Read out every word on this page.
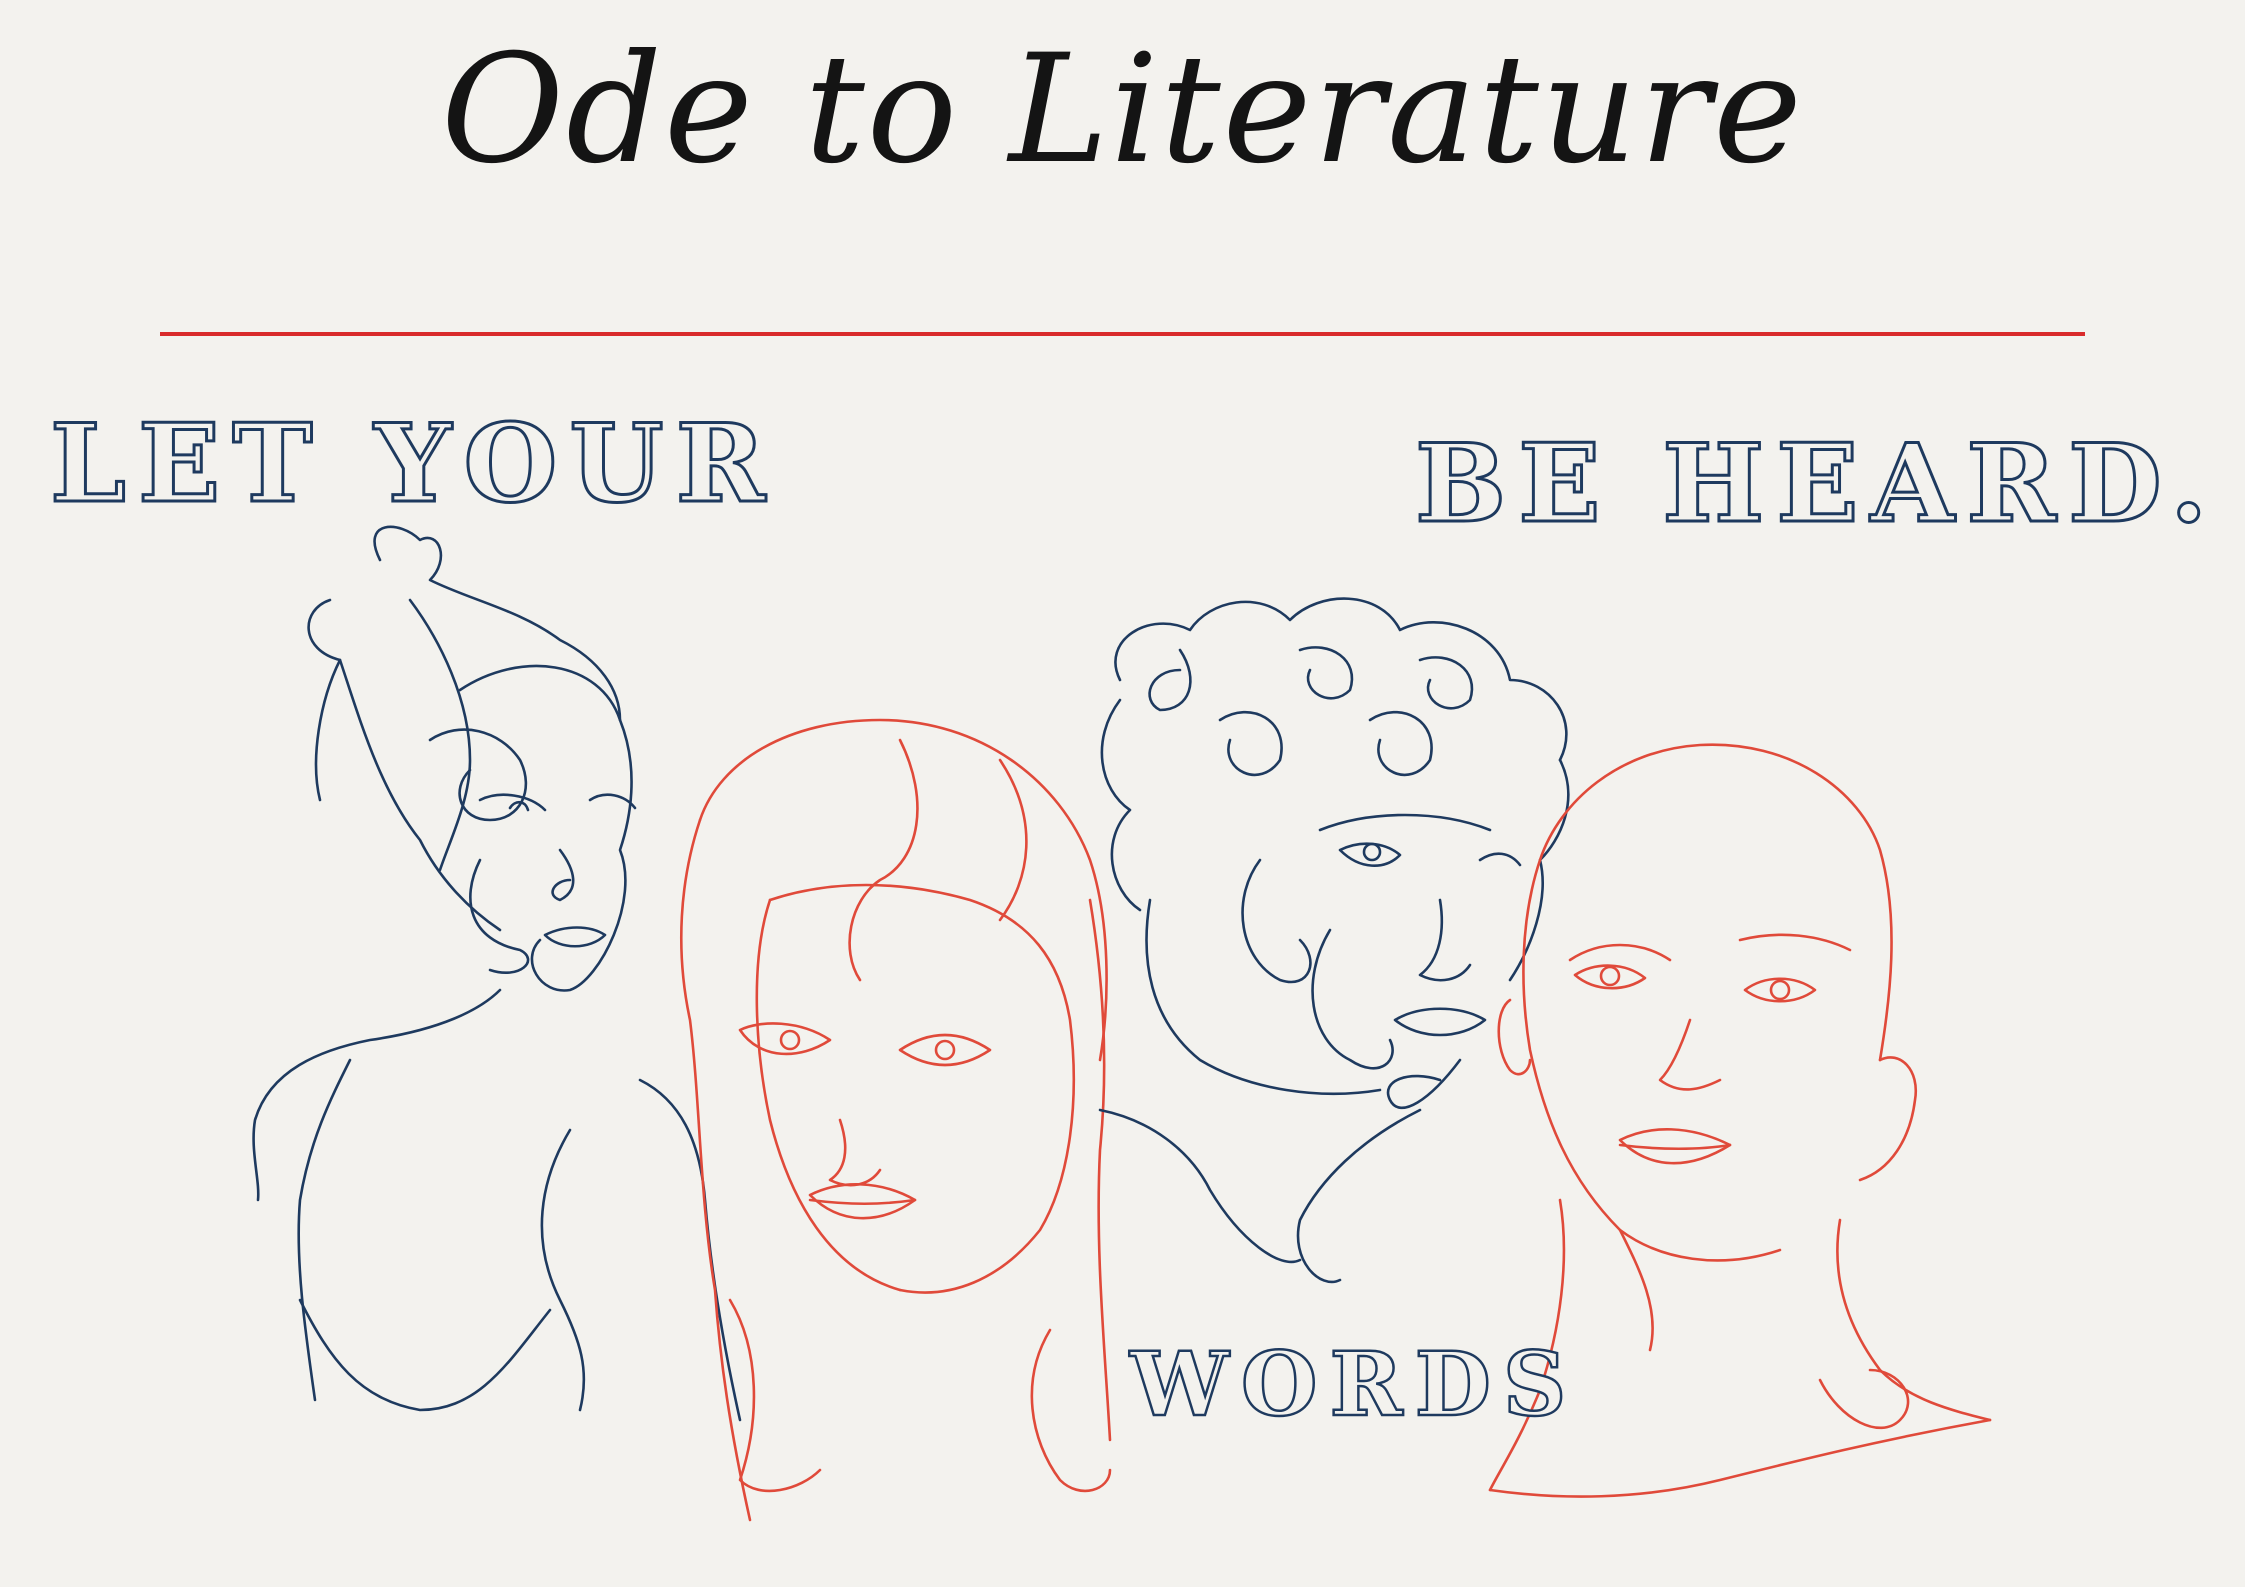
Ode to Literature
LET YOUR	BE HEARD.
WORDS
